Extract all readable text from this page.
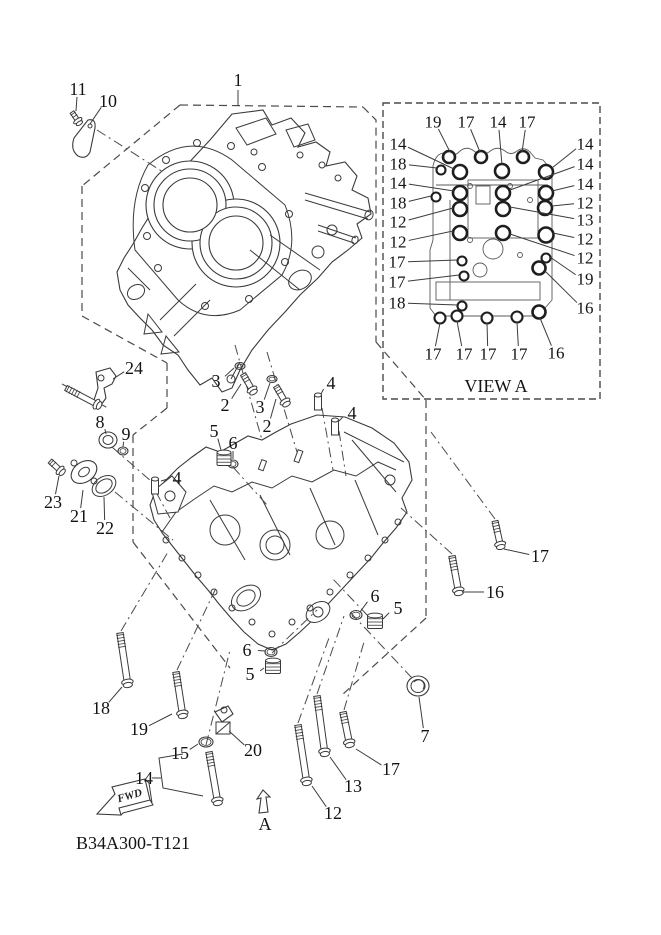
FWD
A
B34A300-T121
19 17 14 17
14
18
14
18
12
12
17
17
18
14
14
14
12
13
12
12
19
16
17 17 17 17 16
VIEW A
1
11
10
24
8
9
23
21
22
3
2 3
2
5
6
4
4
4
6
5
6
5
7
18
19
15	20
14
12
13
17
17
16
